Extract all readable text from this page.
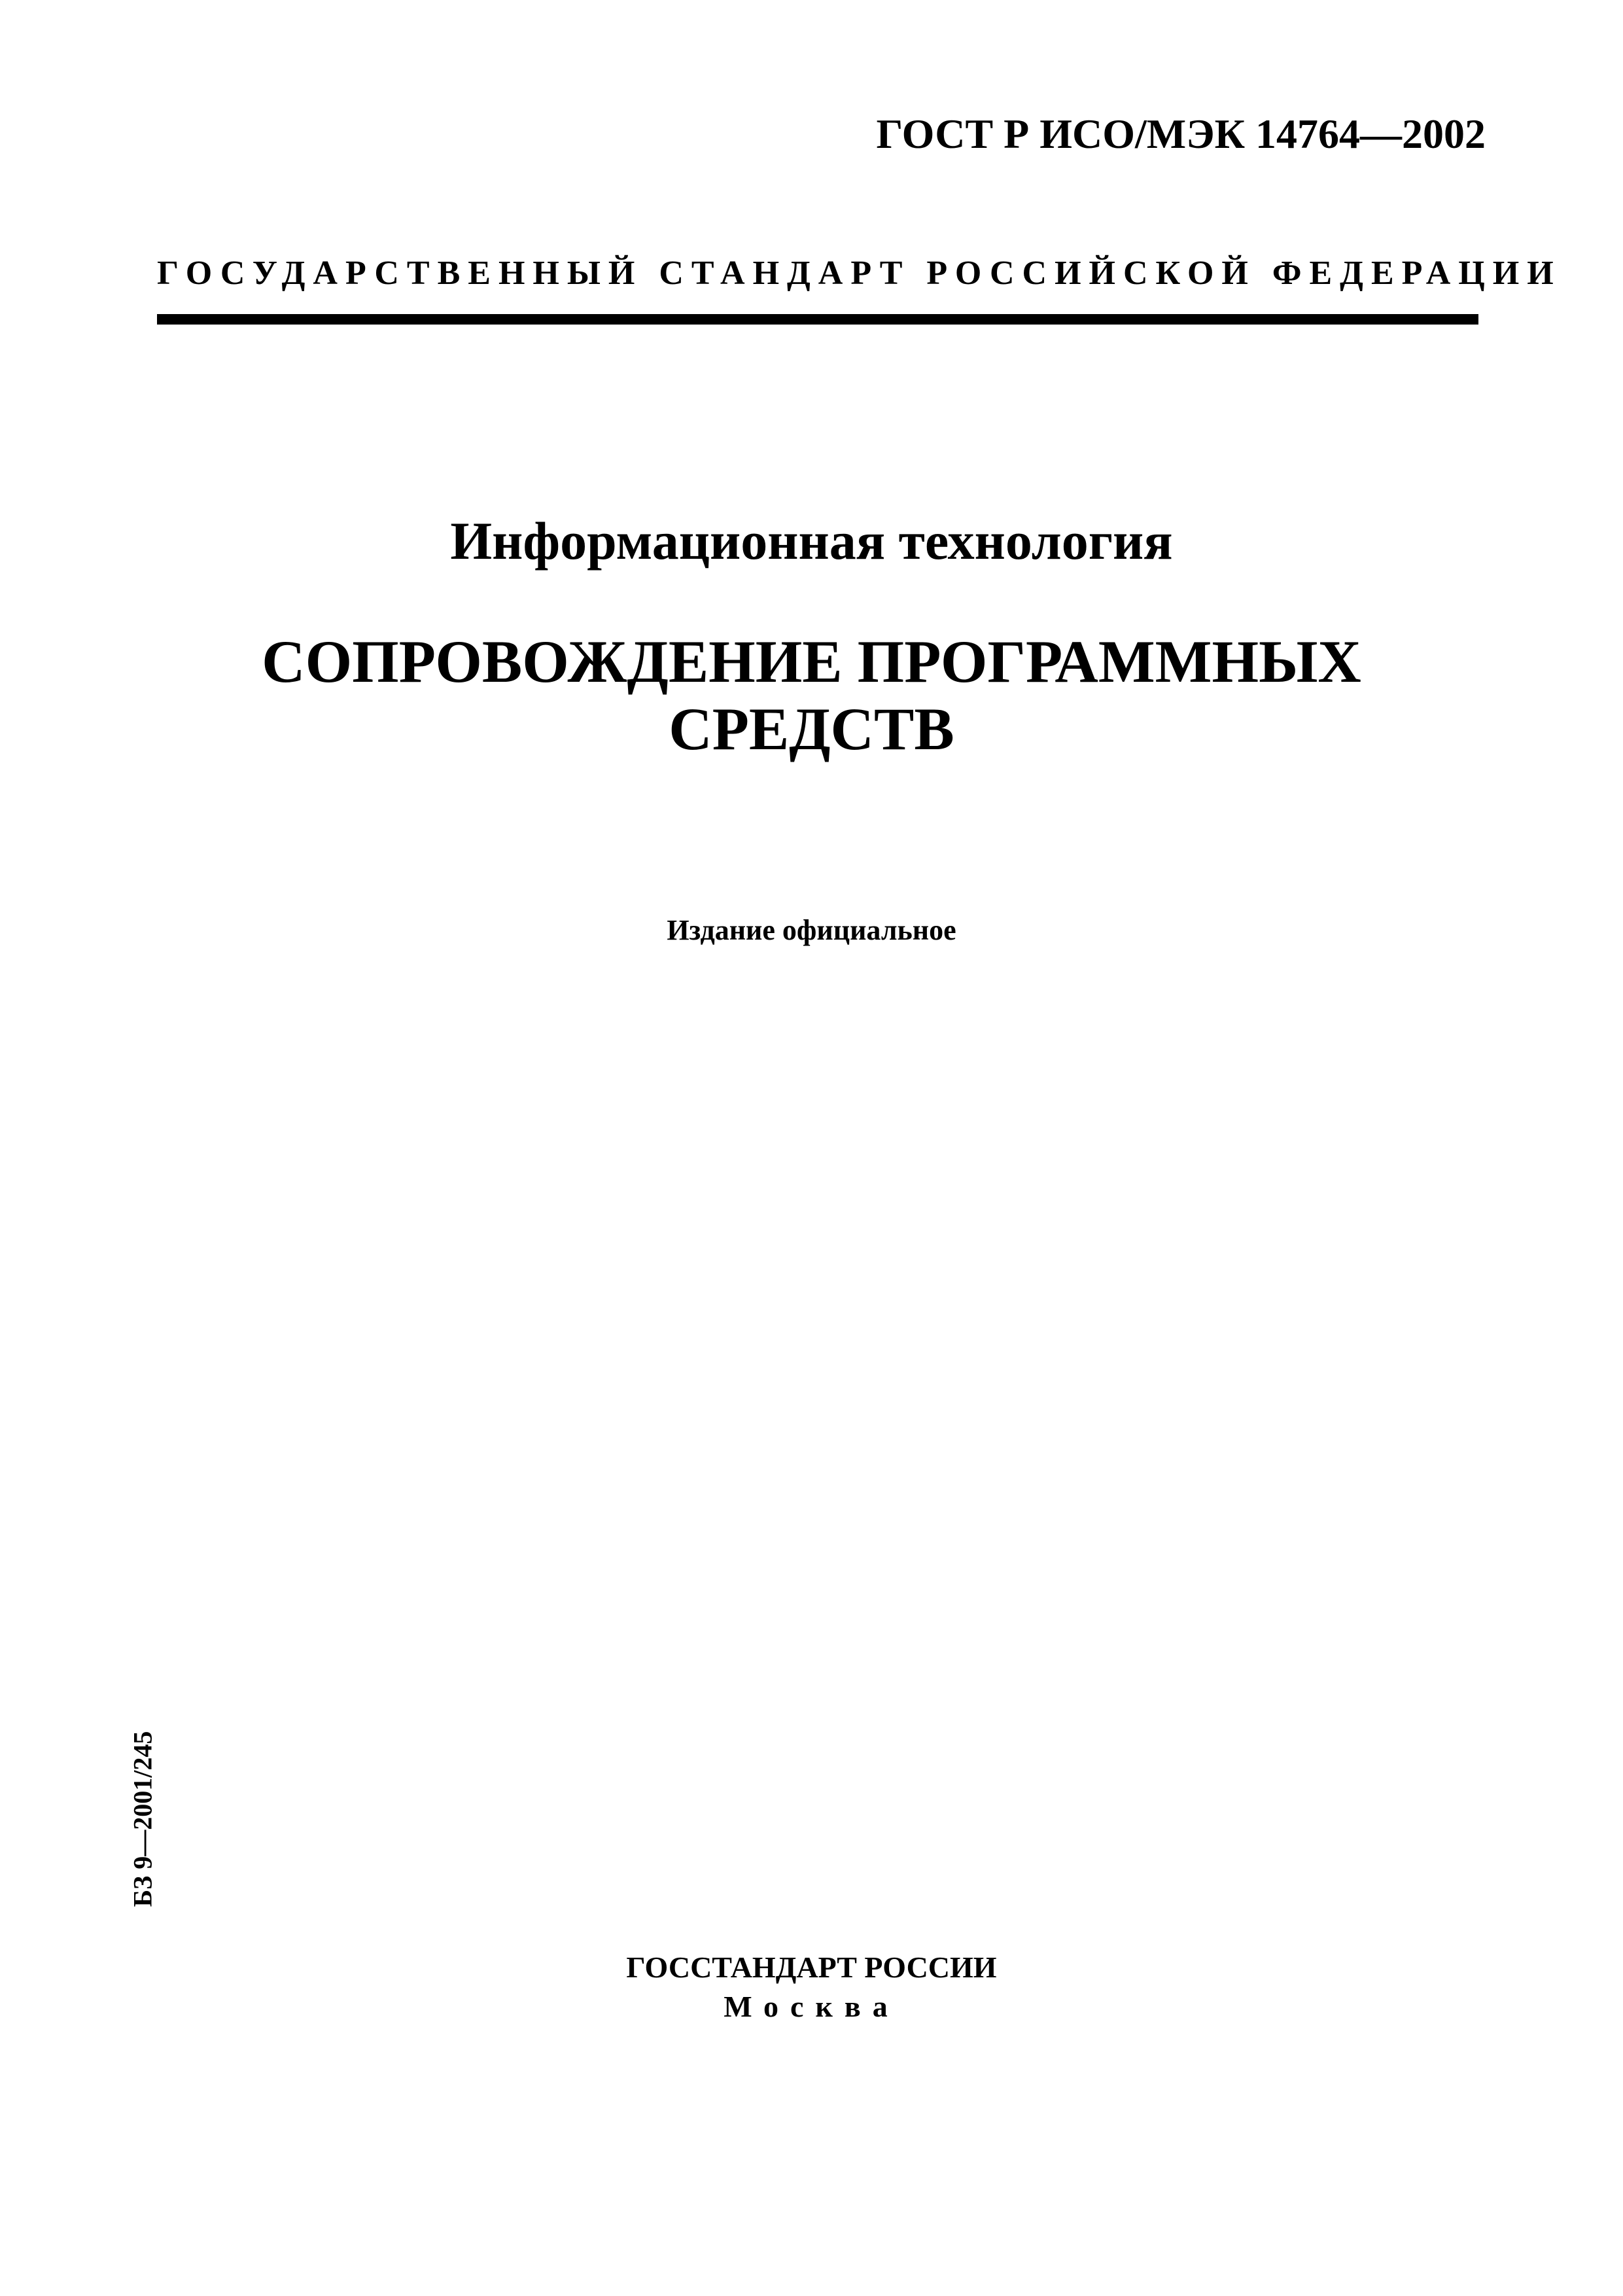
ГОСТ Р ИСО/МЭК 14764—2002
ГОСУДАРСТВЕННЫЙ СТАНДАРТ РОССИЙСКОЙ ФЕДЕРАЦИИ
Информационная технология
СОПРОВОЖДЕНИЕ ПРОГРАММНЫХ
СРЕДСТВ
Издание официальное
БЗ 9—2001/245
ГОССТАНДАРТ РОССИИ
Москва
